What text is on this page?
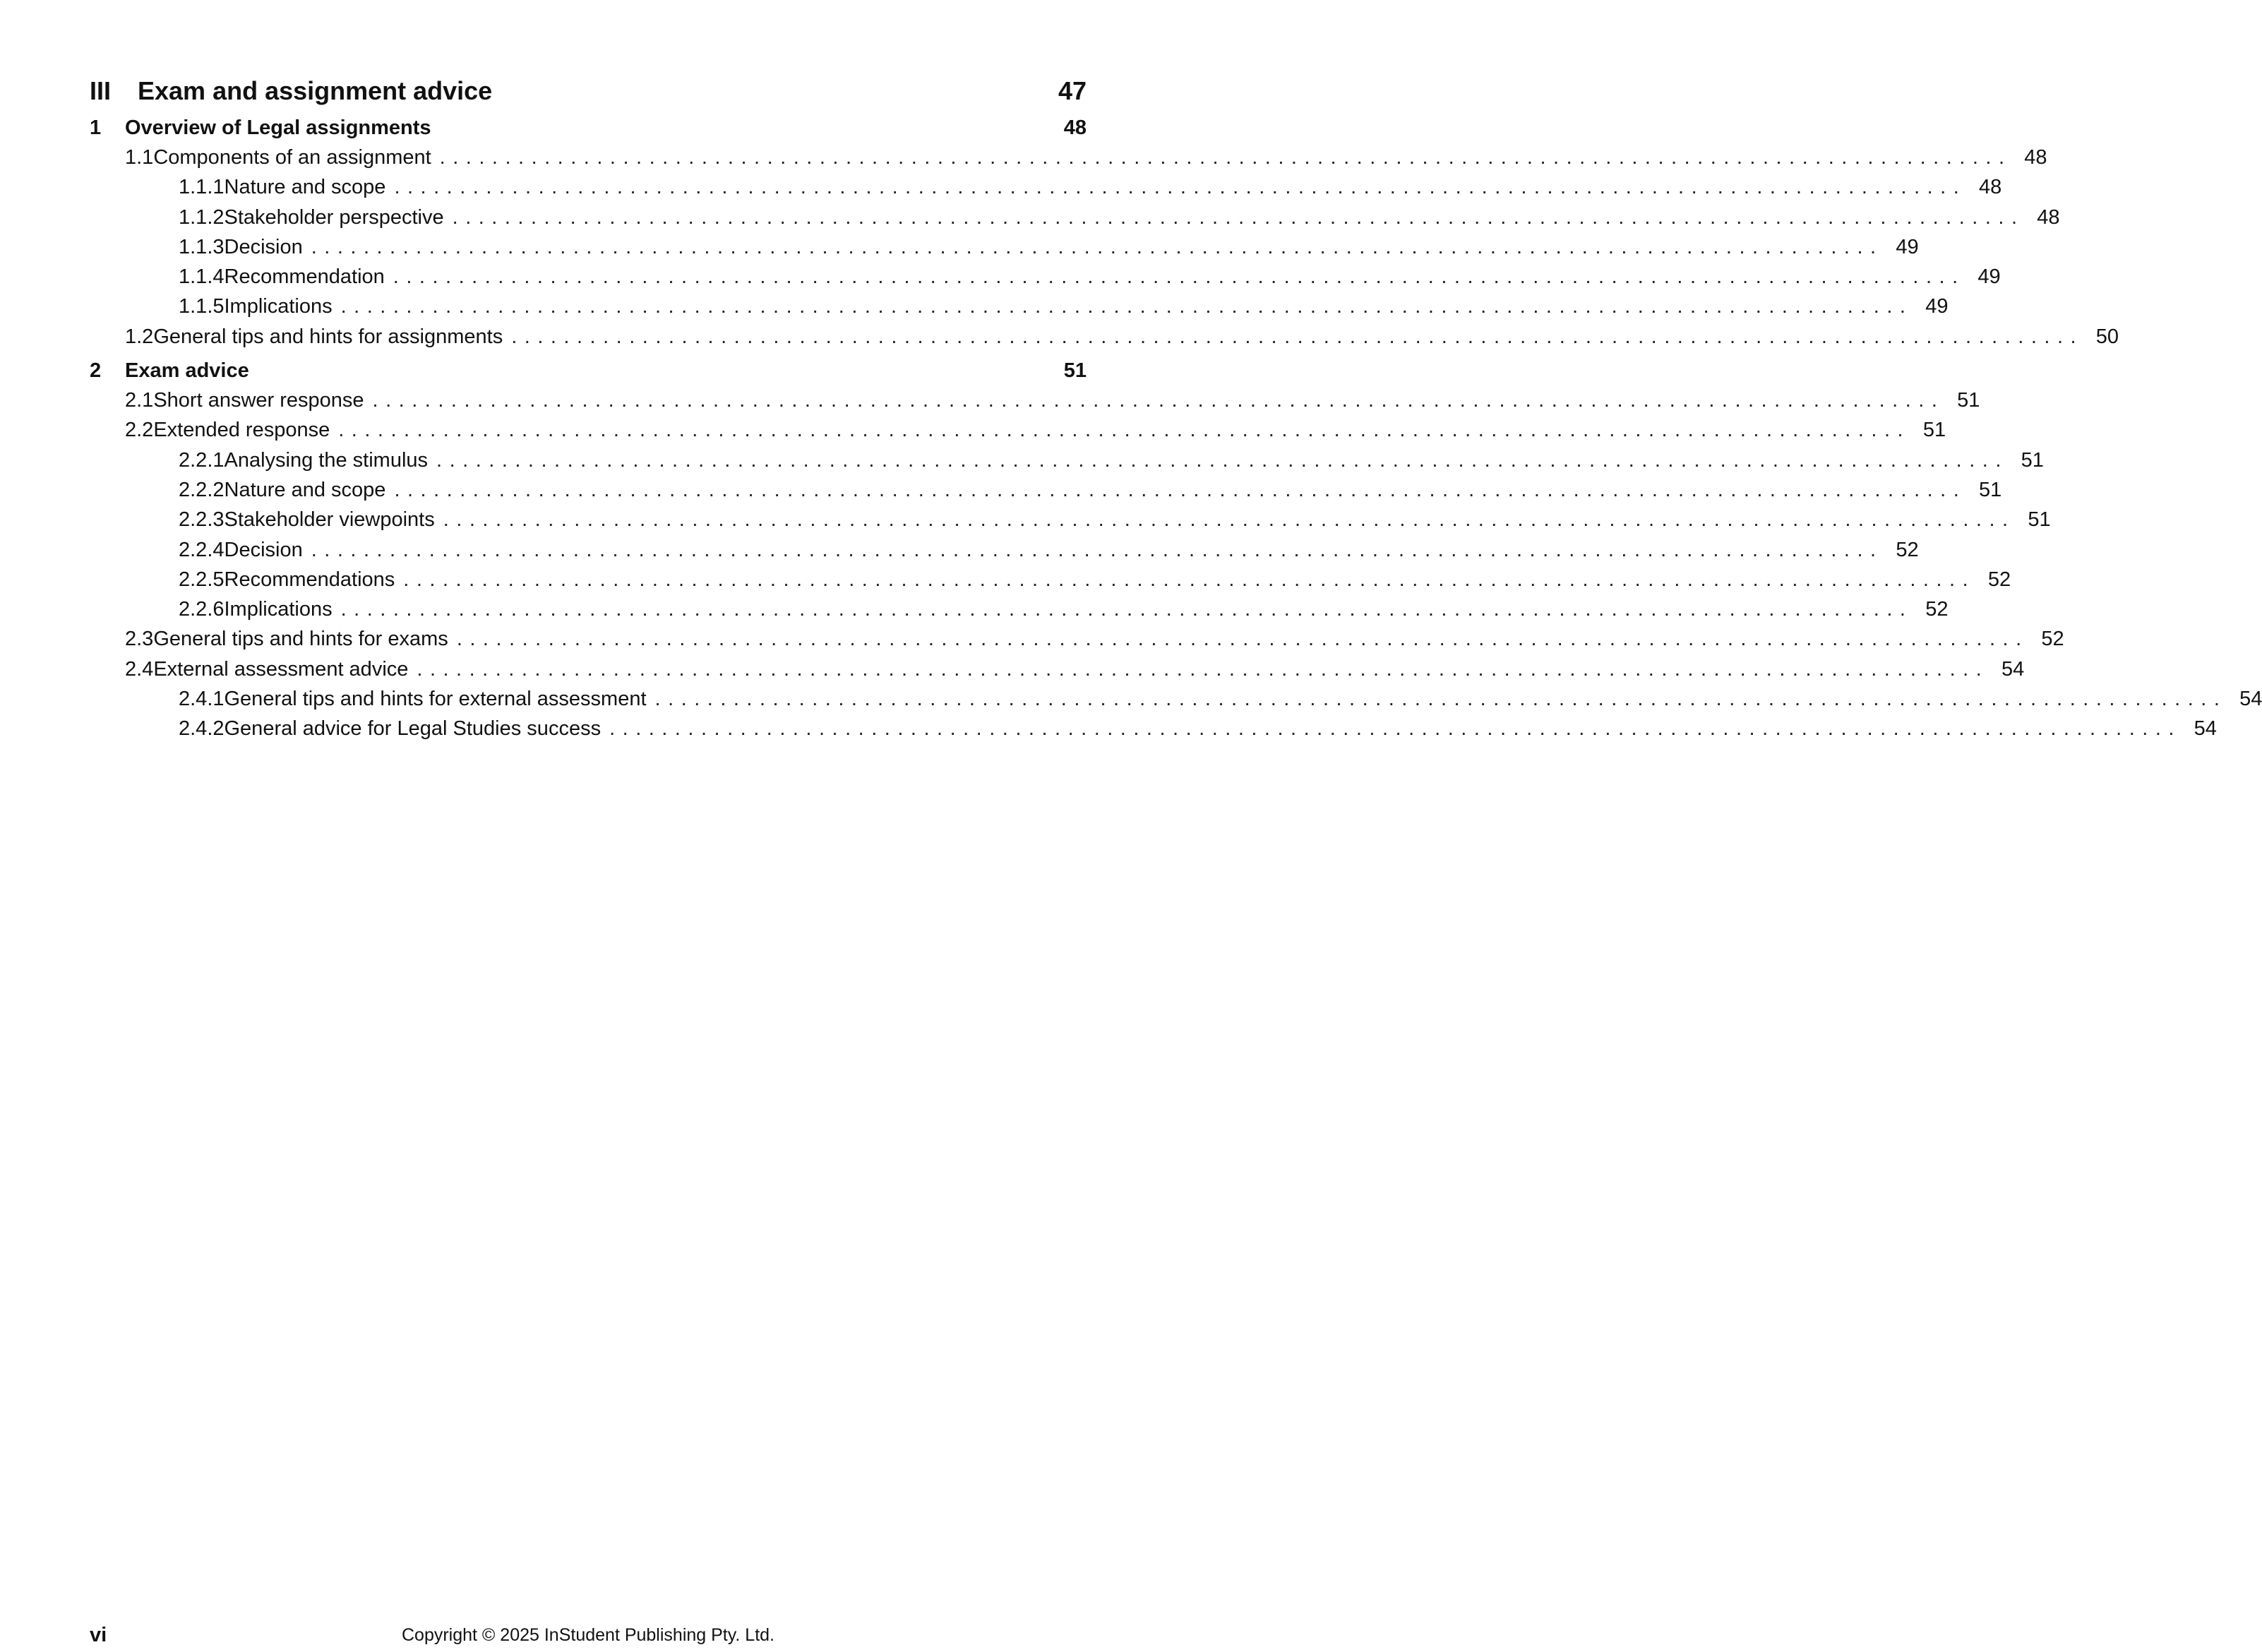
III	Exam and assignment advice	47
1	Overview of Legal assignments	48
1.1 Components of an assignment ........................................................................................................................ 48
1.1.1 Nature and scope ........................................................................................................................ 48
1.1.2 Stakeholder perspective ........................................................................................................................ 48
1.1.3 Decision ........................................................................................................................ 49
1.1.4 Recommendation ........................................................................................................................ 49
1.1.5 Implications ........................................................................................................................ 49
1.2 General tips and hints for assignments ........................................................................................................................ 50
2	Exam advice	51
2.1 Short answer response ........................................................................................................................ 51
2.2 Extended response ........................................................................................................................ 51
2.2.1 Analysing the stimulus ........................................................................................................................ 51
2.2.2 Nature and scope ........................................................................................................................ 51
2.2.3 Stakeholder viewpoints ........................................................................................................................ 51
2.2.4 Decision ........................................................................................................................ 52
2.2.5 Recommendations ........................................................................................................................ 52
2.2.6 Implications ........................................................................................................................ 52
2.3 General tips and hints for exams ........................................................................................................................ 52
2.4 External assessment advice ........................................................................................................................ 54
2.4.1 General tips and hints for external assessment ........................................................................................................................ 54
2.4.2 General advice for Legal Studies success ........................................................................................................................ 54
vi	Copyright © 2025 InStudent Publishing Pty. Ltd.
